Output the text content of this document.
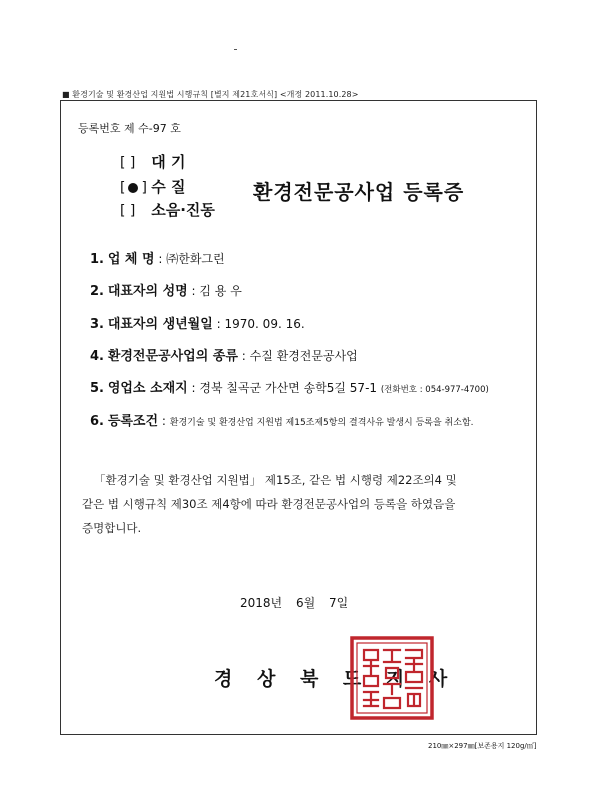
■ 환경기술 및 환경산업 지원법 시행규칙 [별지 제21호서식] <개정 2011.10.28>
등록번호 제 수-97 호
[ ] 대 기
[ ] 수 질
[ ] 소음·진동
환경전문공사업 등록증
1. 업 체 명 : ㈜한화그린
2. 대표자의 성명 : 김 용 우
3. 대표자의 생년월일 : 1970. 09. 16.
4. 환경전문공사업의 종류 : 수질 환경전문공사업
5. 영업소 소재지 : 경북 칠곡군 가산면 송학5길 57-1 (전화번호 : 054-977-4700)
6. 등록조건 : 환경기술 및 환경산업 지원법 제15조제5항의 결격사유 발생시 등록을 취소함.

「환경기술 및 환경산업 지원법」 제15조, 같은 법 시행령 제22조의4 및

같은 법 시행규칙 제30조 제4항에 따라 환경전문공사업의 등록을 하였음을

증명합니다.

2018년 6월 7일
경 상 북 도 지 사
210㎜×297㎜[보존용지 120g/㎡]
